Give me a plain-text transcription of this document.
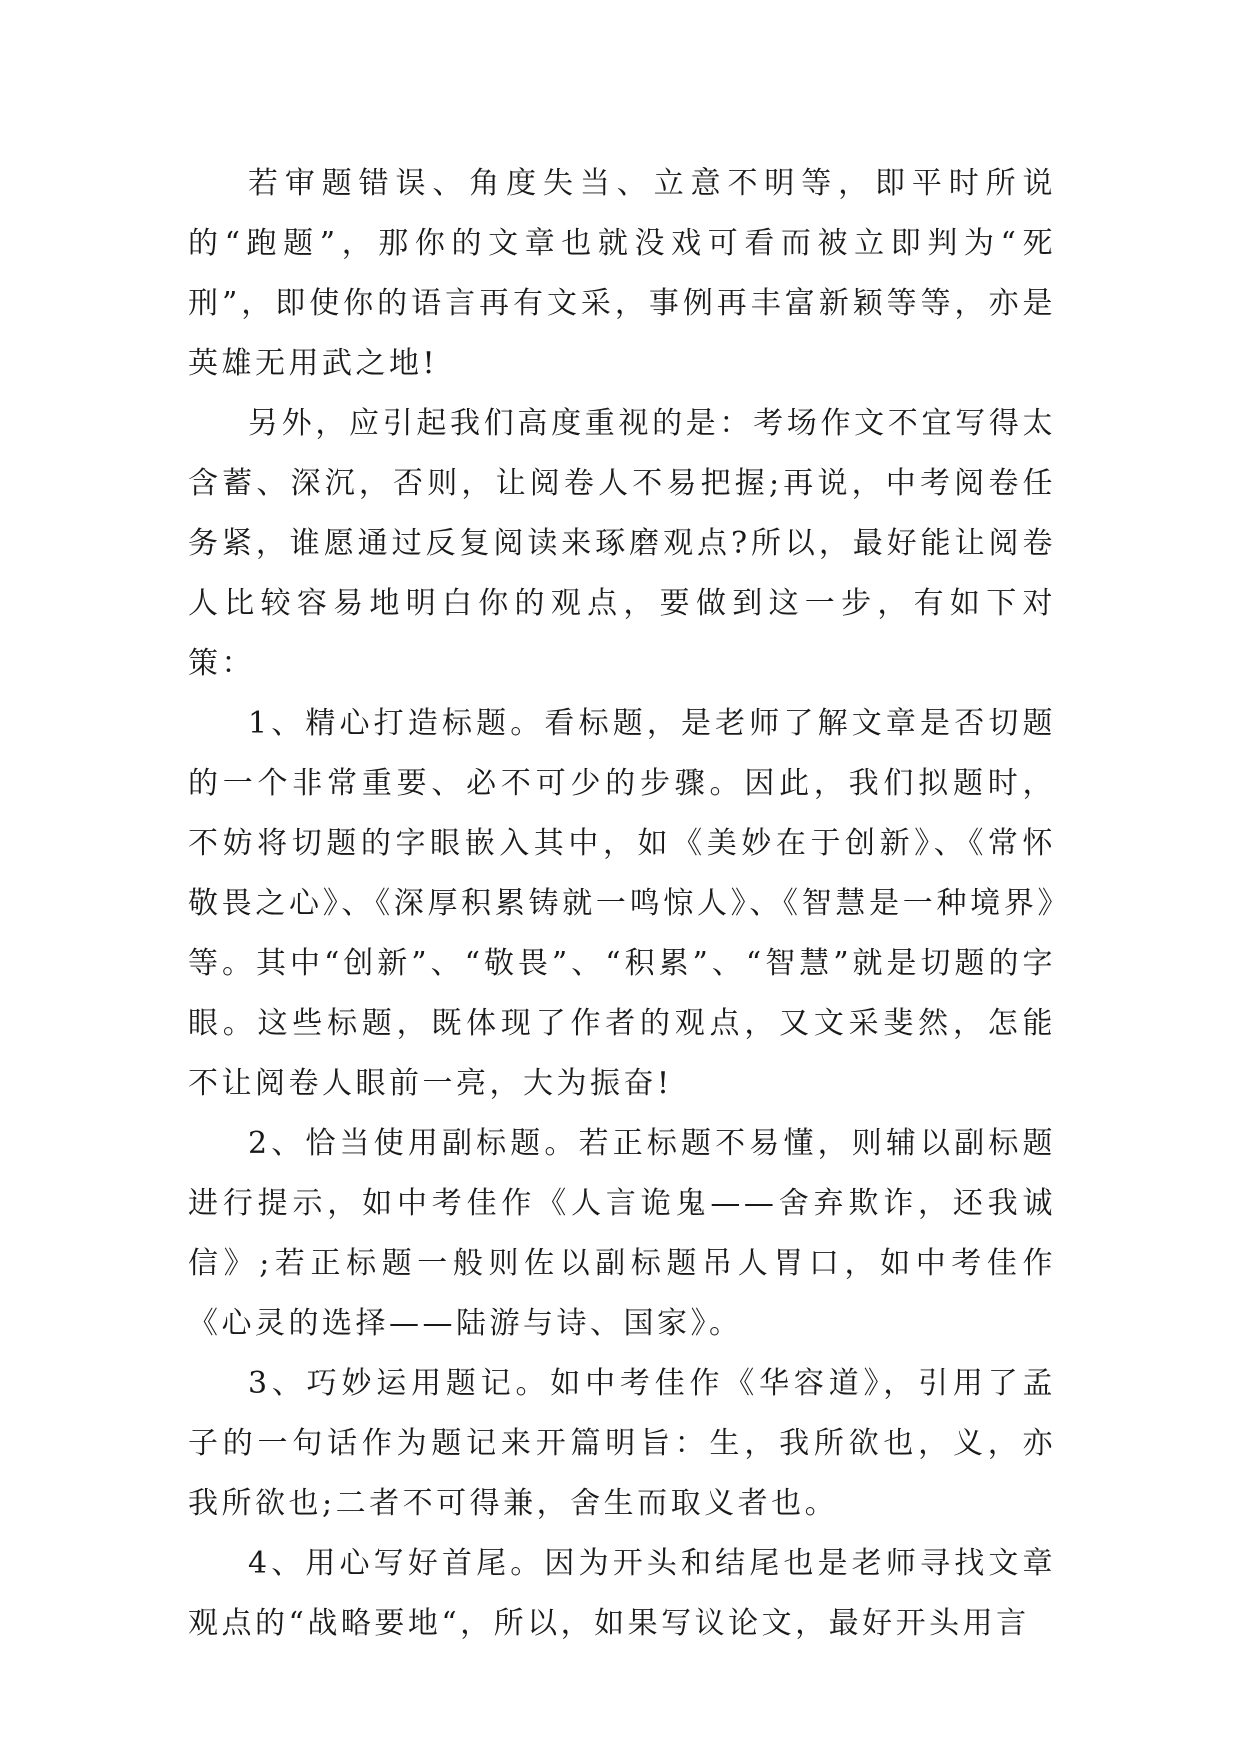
若审题错误、角度失当、立意不明等，即平时所说的“跑题”，那你的文章也就没戏可看而被立即判为“死刑”，即使你的语言再有文采，事例再丰富新颖等等，亦是英雄无用武之地!

另外，应引起我们高度重视的是：考场作文不宜写得太含蓄、深沉，否则，让阅卷人不易把握;再说，中考阅卷任务紧，谁愿通过反复阅读来琢磨观点?所以，最好能让阅卷人比较容易地明白你的观点，要做到这一步，有如下对策：

1、精心打造标题。看标题，是老师了解文章是否切题的一个非常重要、必不可少的步骤。因此，我们拟题时，不妨将切题的字眼嵌入其中，如《美妙在于创新》、《常怀敬畏之心》、《深厚积累铸就一鸣惊人》、《智慧是一种境界》等。其中“创新”、“敬畏”、“积累”、“智慧”就是切题的字眼。这些标题，既体现了作者的观点，又文采斐然，怎能不让阅卷人眼前一亮，大为振奋!

2、恰当使用副标题。若正标题不易懂，则辅以副标题进行提示，如中考佳作《人言诡鬼——舍弃欺诈，还我诚信》;若正标题一般则佐以副标题吊人胃口，如中考佳作《心灵的选择——陆游与诗、国家》。

3、巧妙运用题记。如中考佳作《华容道》，引用了孟子的一句话作为题记来开篇明旨：生，我所欲也，义，亦我所欲也;二者不可得兼，舍生而取义者也。

4、用心写好首尾。因为开头和结尾也是老师寻找文章观点的“战略要地“，所以，如果写议论文，最好开头用言
